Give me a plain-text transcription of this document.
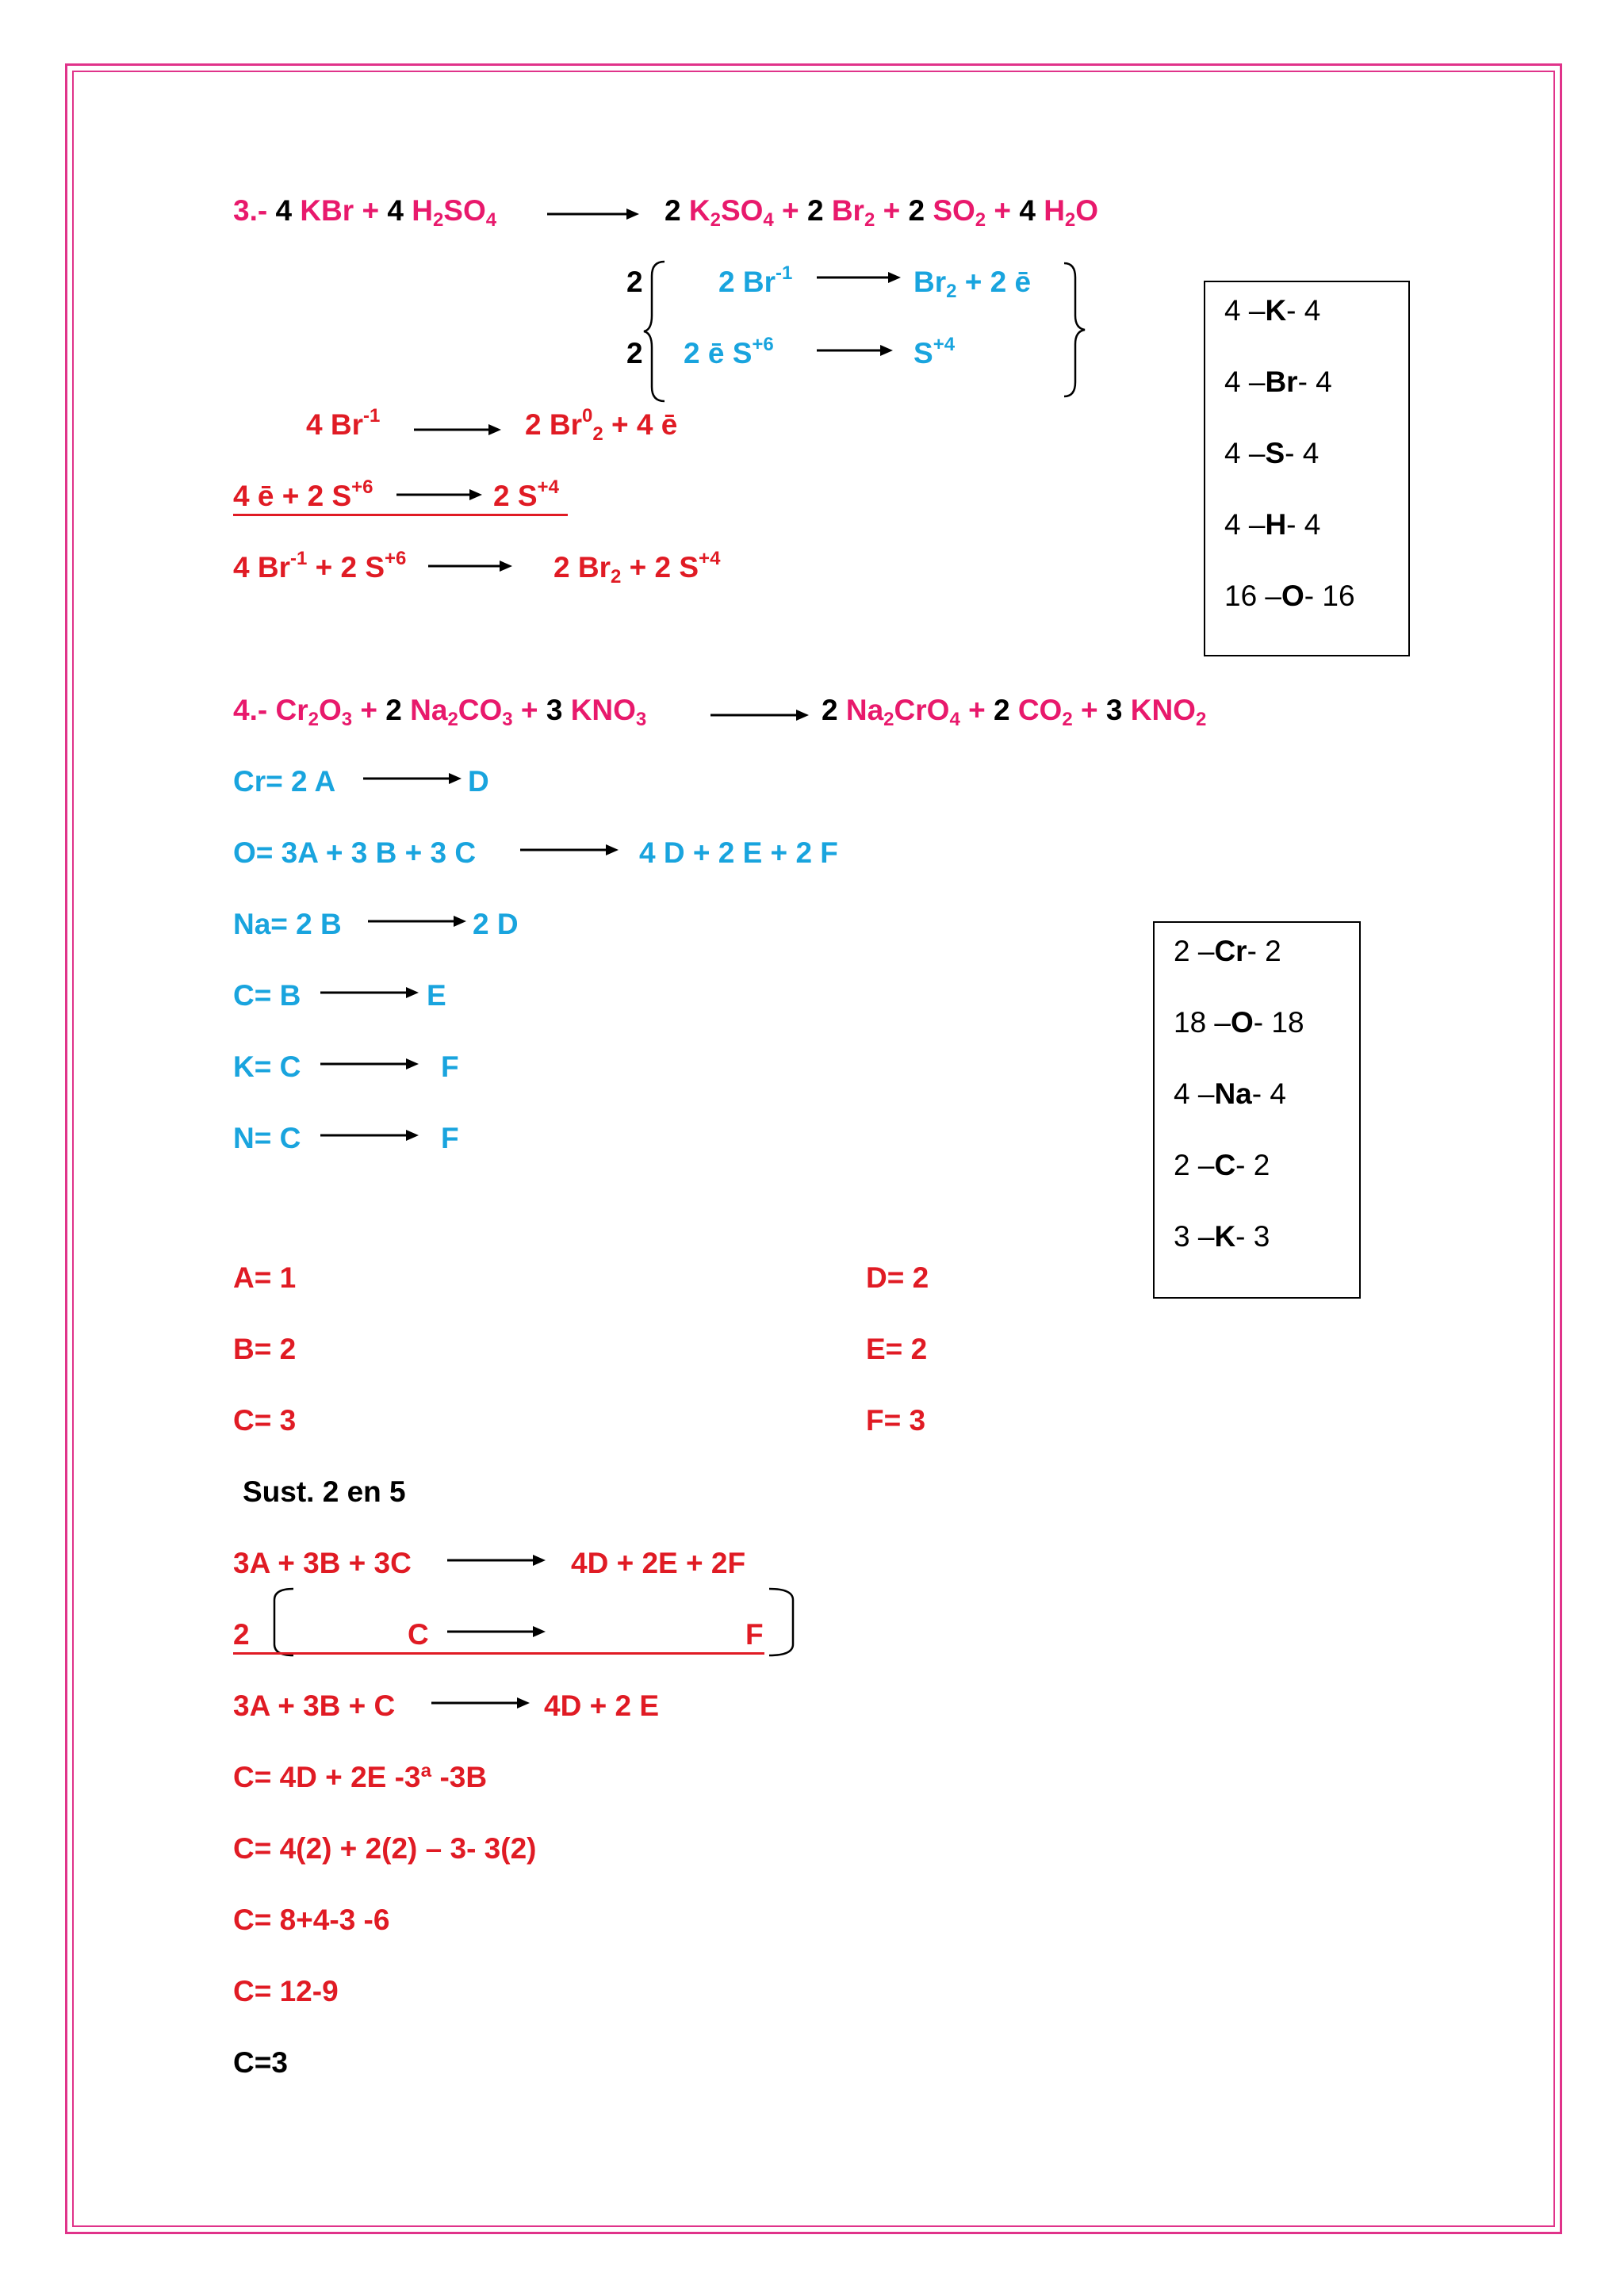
3.- 4 KBr + 4 $H_2SO_4$	2 $K_2SO_4 + 2$ $Br_2 + 2$ $SO_2 + 4$ $H_2O$
2
2
2 $Br^{-1}$	$Br_2 + 2$ ē
2 ē $S^{+6}$	$S^{+4}$
4 –K- 4
4 –Br- 4
4 –S- 4
4 –H- 4
16 –O- 16
4 $Br^{-1}$	2 $Br^0_2 + 4$ ē
4 ē + 2 $S^{+6}$	2 $S^{+4}$
4 $Br^{-1} + 2$ $S^{+6}$	2 $Br_2 + 2$ $S^{+4}$
4.- $Cr_2O_3 + 2$ $Na_2CO_3 + 3$ $KNO_3$	2 $Na_2CrO_4 + 2$ $CO_2 + 3$ $KNO_2$
Cr= 2 A	D
O= 3A + 3 B + 3 C	4 D + 2 E + 2 F
Na= 2 B	2 D
C= B	E
K= C	F
N= C	F
2 –Cr- 2
18 –O- 18
4 –Na- 4
2 –C- 2
3 –K- 3
A= 1
B= 2
C= 3
D= 2
E= 2
F= 3
Sust. 2 en 5
3A + 3B + 3C	4D + 2E + 2F
2	C	F
3A + 3B + C	4D + 2 E
C= 4D + 2E -3ª -3B
C= 4(2) + 2(2) – 3- 3(2)
C= 8+4-3 -6
C= 12-9
C=3
